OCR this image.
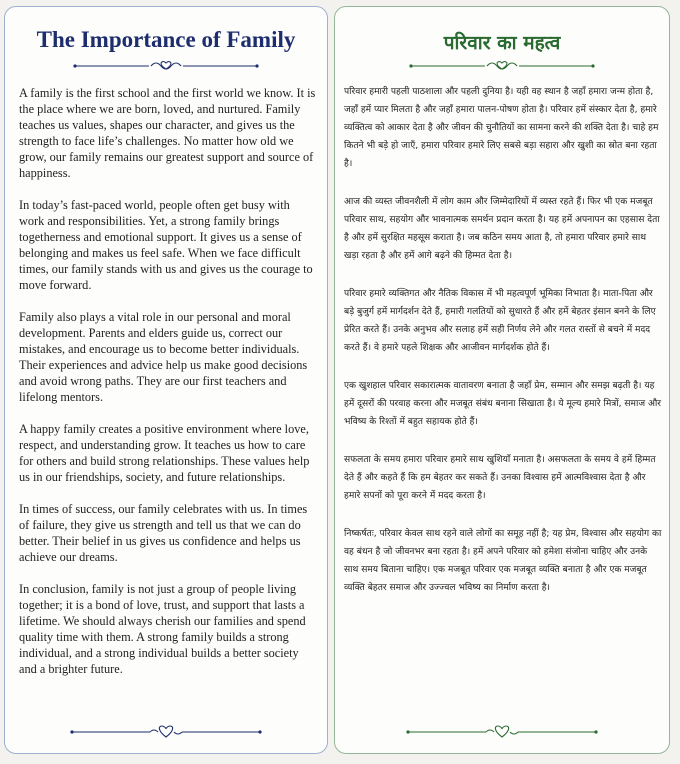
The Importance of Family

A family is the first school and the first world we know. It is the place where we are born, loved, and nurtured. Family teaches us values, shapes our character, and gives us the strength to face life’s challenges. No matter how old we grow, our family remains our greatest support and source of happiness.

In today’s fast-paced world, people often get busy with work and responsibilities. Yet, a strong family brings togetherness and emotional support. It gives us a sense of belonging and makes us feel safe. When we face difficult times, our family stands with us and gives us the courage to move forward.

Family also plays a vital role in our personal and moral development. Parents and elders guide us, correct our mistakes, and encourage us to become better individuals. Their experiences and advice help us make good decisions and avoid wrong paths. They are our first teachers and lifelong mentors.

A happy family creates a positive environment where love, respect, and understanding grow. It teaches us how to care for others and build strong relationships. These values help us in our friendships, society, and future relationships.

In times of success, our family celebrates with us. In times of failure, they give us strength and tell us that we can do better. Their belief in us gives us confidence and helps us achieve our dreams.

In conclusion, family is not just a group of people living together; it is a bond of love, trust, and support that lasts a lifetime. We should always cherish our families and spend quality time with them. A strong family builds a strong individual, and a strong individual builds a better society and a brighter future.

परिवार का महत्व

परिवार हमारी पहली पाठशाला और पहली दुनिया है। यही वह स्थान है जहाँ हमारा जन्म होता है, जहाँ हमें प्यार मिलता है और जहाँ हमारा पालन-पोषण होता है। परिवार हमें संस्कार देता है, हमारे व्यक्तित्व को आकार देता है और जीवन की चुनौतियों का सामना करने की शक्ति देता है। चाहे हम कितने भी बड़े हो जाएँ, हमारा परिवार हमारे लिए सबसे बड़ा सहारा और खुशी का स्रोत बना रहता है।

आज की व्यस्त जीवनशैली में लोग काम और जिम्मेदारियों में व्यस्त रहते हैं। फिर भी एक मजबूत परिवार साथ, सहयोग और भावनात्मक समर्थन प्रदान करता है। यह हमें अपनापन का एहसास देता है और हमें सुरक्षित महसूस कराता है। जब कठिन समय आता है, तो हमारा परिवार हमारे साथ खड़ा रहता है और हमें आगे बढ़ने की हिम्मत देता है।

परिवार हमारे व्यक्तिगत और नैतिक विकास में भी महत्वपूर्ण भूमिका निभाता है। माता-पिता और बड़े बुजुर्ग हमें मार्गदर्शन देते हैं, हमारी गलतियों को सुधारते हैं और हमें बेहतर इंसान बनने के लिए प्रेरित करते हैं। उनके अनुभव और सलाह हमें सही निर्णय लेने और गलत रास्तों से बचने में मदद करते हैं। वे हमारे पहले शिक्षक और आजीवन मार्गदर्शक होते हैं।

एक खुशहाल परिवार सकारात्मक वातावरण बनाता है जहाँ प्रेम, सम्मान और समझ बढ़ती है। यह हमें दूसरों की परवाह करना और मजबूत संबंध बनाना सिखाता है। ये मूल्य हमारे मित्रों, समाज और भविष्य के रिश्तों में बहुत सहायक होते हैं।

सफलता के समय हमारा परिवार हमारे साथ खुशियाँ मनाता है। असफलता के समय वे हमें हिम्मत देते हैं और कहते हैं कि हम बेहतर कर सकते हैं। उनका विश्वास हमें आत्मविश्वास देता है और हमारे सपनों को पूरा करने में मदद करता है।

निष्कर्षतः, परिवार केवल साथ रहने वाले लोगों का समूह नहीं है; यह प्रेम, विश्वास और सहयोग का वह बंधन है जो जीवनभर बना रहता है। हमें अपने परिवार को हमेशा संजोना चाहिए और उनके साथ समय बिताना चाहिए। एक मजबूत परिवार एक मजबूत व्यक्ति बनाता है और एक मजबूत व्यक्ति बेहतर समाज और उज्ज्वल भविष्य का निर्माण करता है।
